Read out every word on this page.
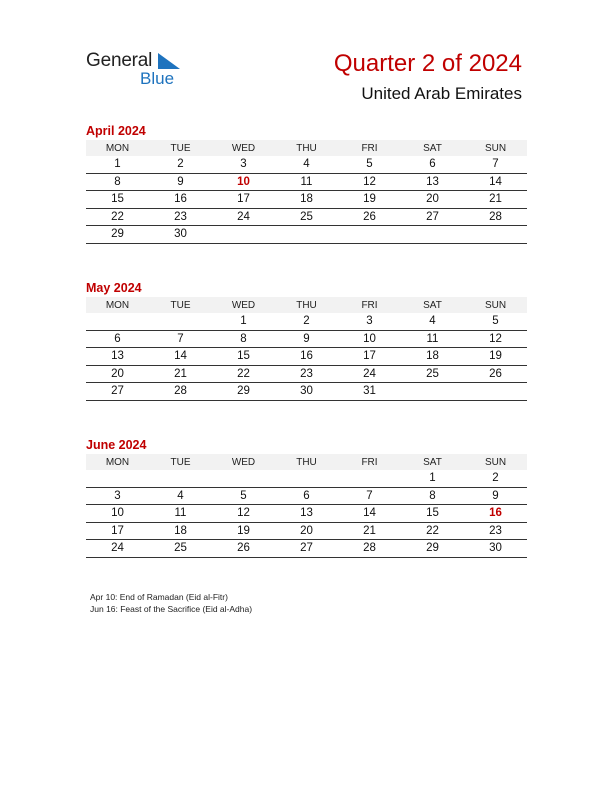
General
Blue
Quarter 2 of 2024
United Arab Emirates
April 2024
MON	TUE	WED	THU	FRI	SAT	SUN
1	2	3	4	5	6	7
8	9	10	11	12	13	14
15	16	17	18	19	20	21
22	23	24	25	26	27	28
29	30					
May 2024
MON	TUE	WED	THU	FRI	SAT	SUN
		1	2	3	4	5
6	7	8	9	10	11	12
13	14	15	16	17	18	19
20	21	22	23	24	25	26
27	28	29	30	31		
June 2024
MON	TUE	WED	THU	FRI	SAT	SUN
					1	2
3	4	5	6	7	8	9
10	11	12	13	14	15	16
17	18	19	20	21	22	23
24	25	26	27	28	29	30
Apr 10: End of Ramadan (Eid al-Fitr)
Jun 16: Feast of the Sacrifice (Eid al-Adha)
